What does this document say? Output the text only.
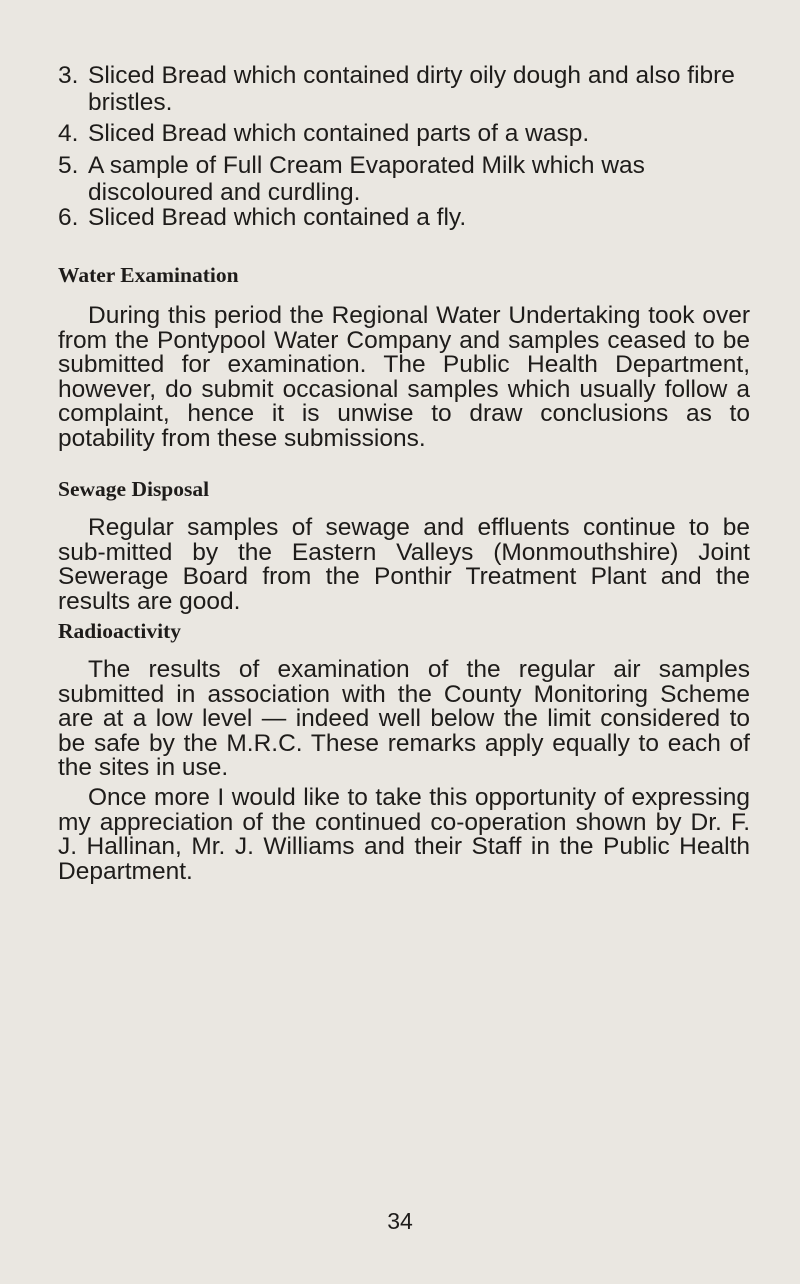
3. Sliced Bread which contained dirty oily dough and also fibre bristles.
4. Sliced Bread which contained parts of a wasp.
5. A sample of Full Cream Evaporated Milk which was discoloured and curdling.
6. Sliced Bread which contained a fly.
Water Examination
During this period the Regional Water Undertaking took over from the Pontypool Water Company and samples ceased to be submitted for examination. The Public Health Department, however, do submit occasional samples which usually follow a complaint, hence it is unwise to draw conclusions as to potability from these submissions.
Sewage Disposal
Regular samples of sewage and effluents continue to be sub-mitted by the Eastern Valleys (Monmouthshire) Joint Sewerage Board from the Ponthir Treatment Plant and the results are good.
Radioactivity
The results of examination of the regular air samples submitted in association with the County Monitoring Scheme are at a low level — indeed well below the limit considered to be safe by the M.R.C. These remarks apply equally to each of the sites in use.
Once more I would like to take this opportunity of expressing my appreciation of the continued co-operation shown by Dr. F. J. Hallinan, Mr. J. Williams and their Staff in the Public Health Department.
34
